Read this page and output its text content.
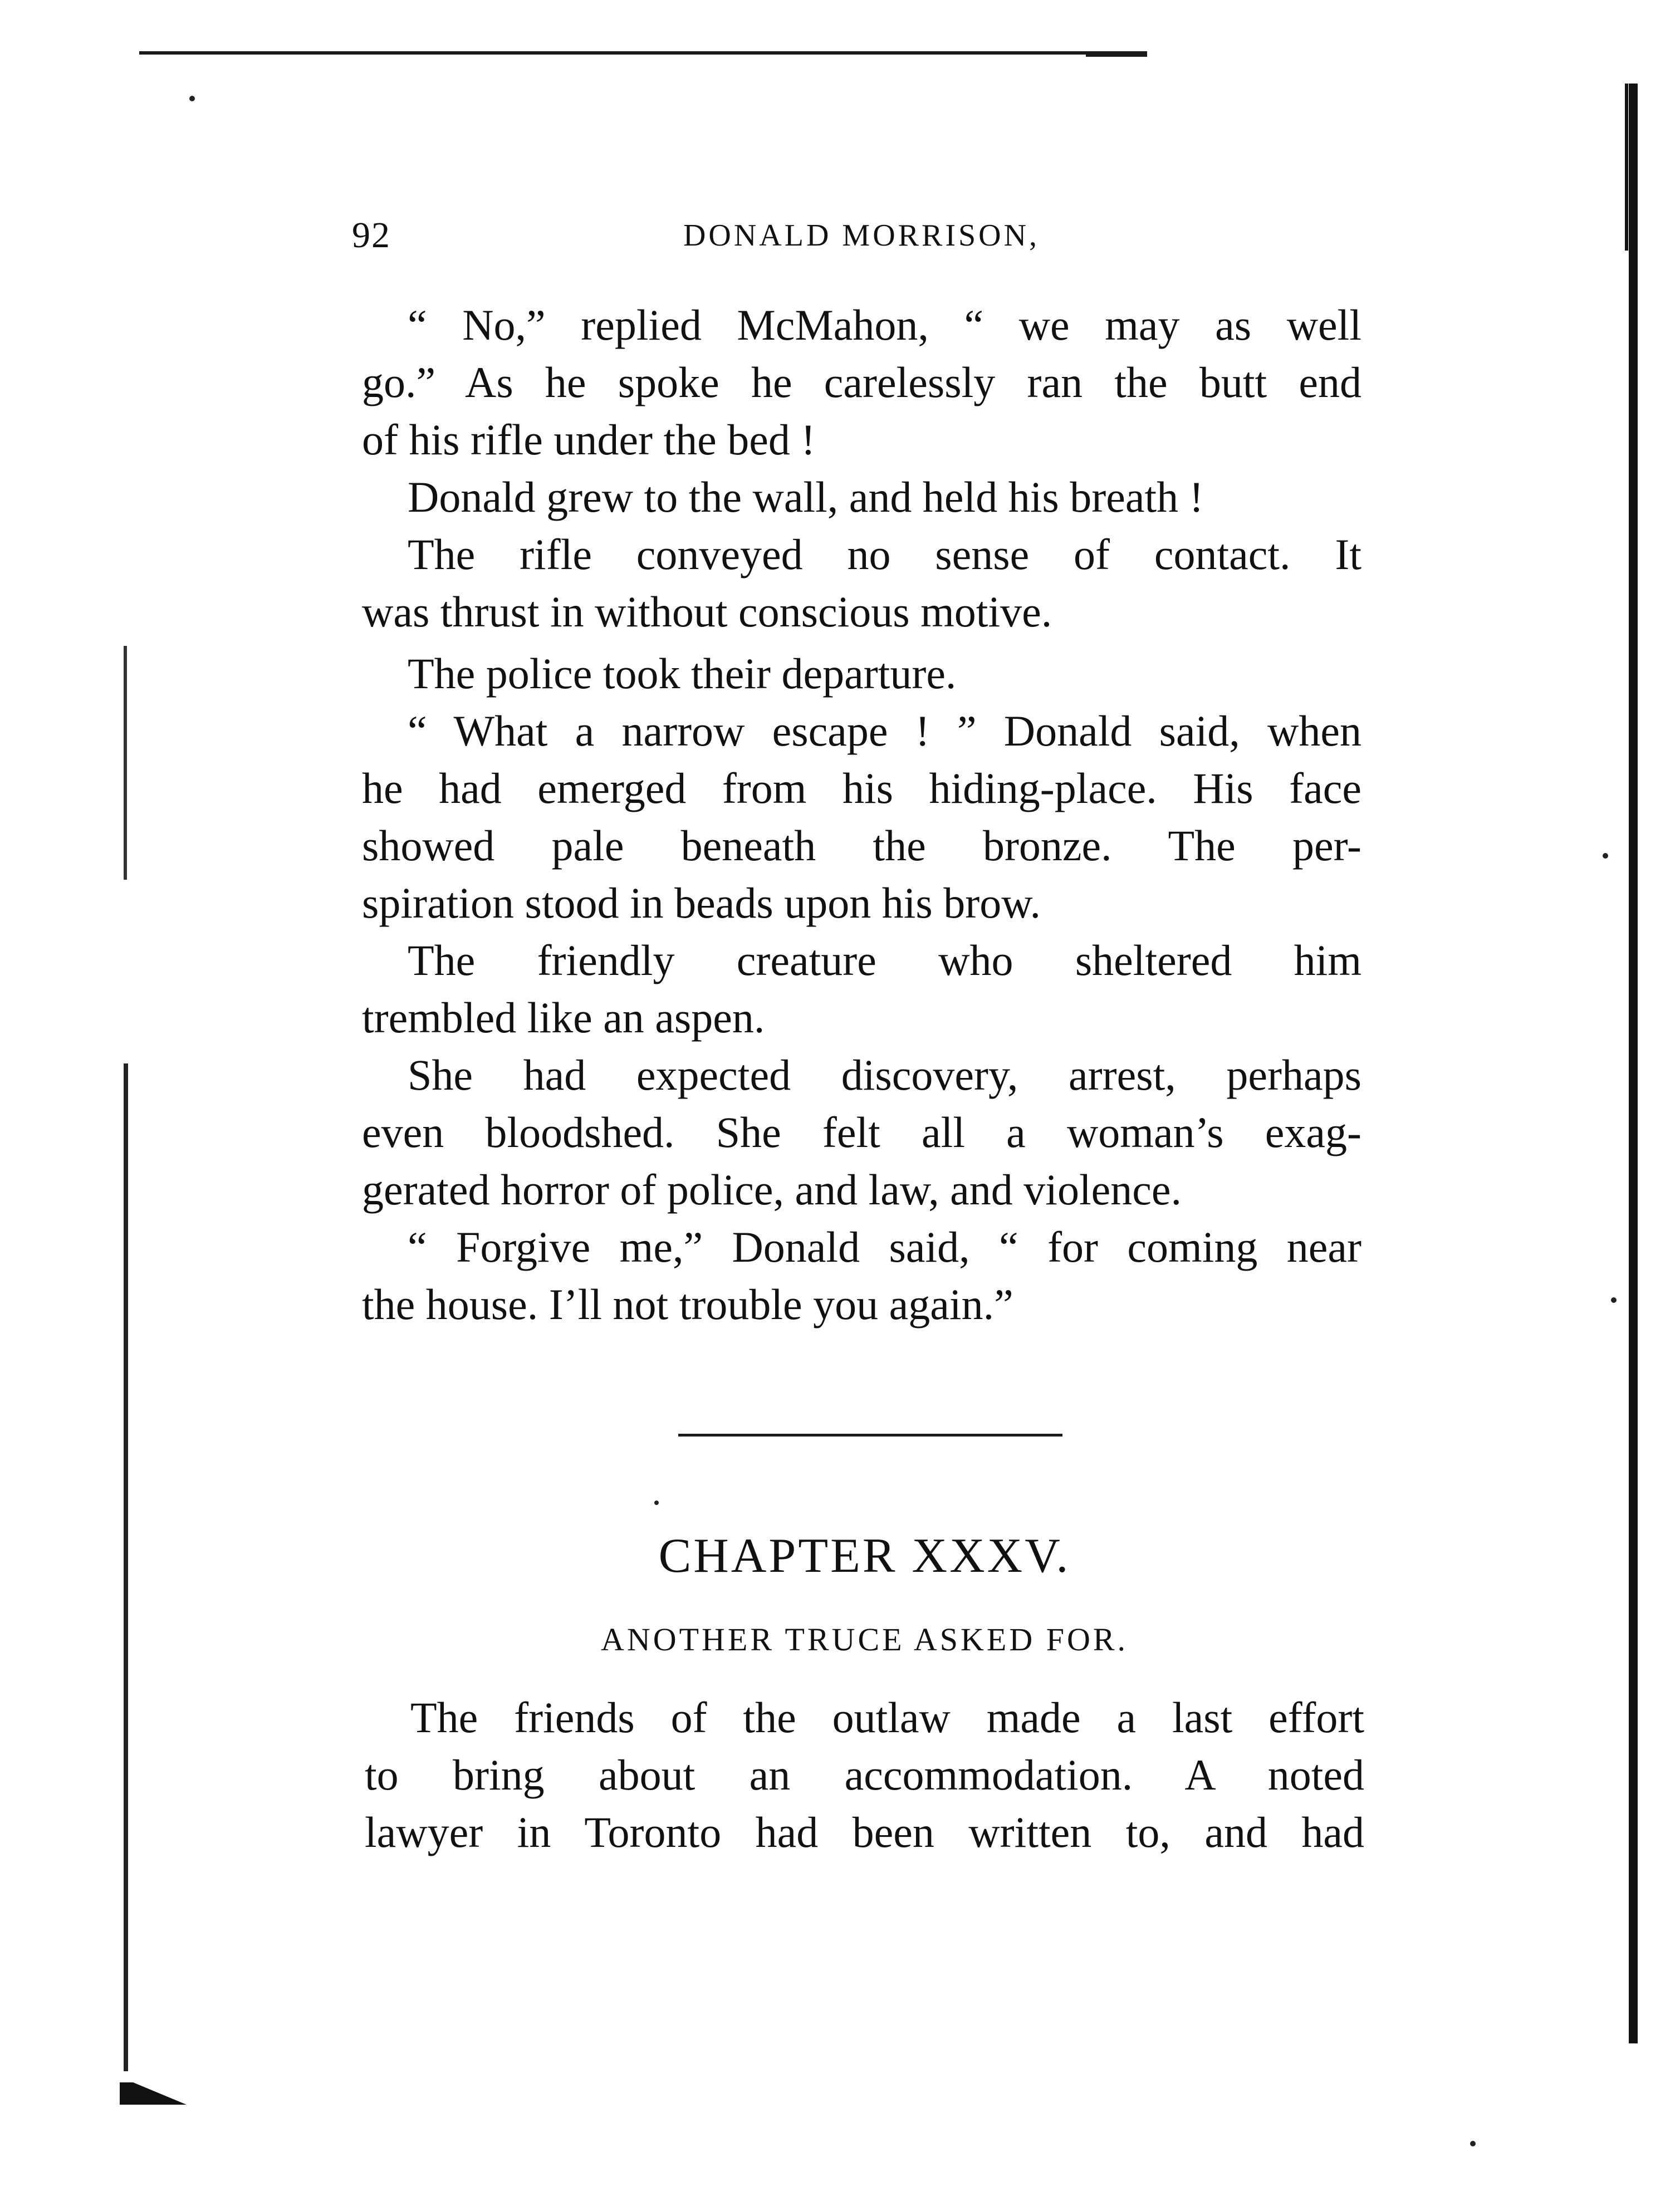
92	DONALD MORRISON,
“ No,” replied McMahon, “ we may as well
go.” As he spoke he carelessly ran the butt end
of his rifle under the bed !
Donald grew to the wall, and held his breath !
The rifle conveyed no sense of contact. It
was thrust in without conscious motive.
The police took their departure.
“ What a narrow escape ! ” Donald said, when
he had emerged from his hiding-place. His face
showed pale beneath the bronze. The per-
spiration stood in beads upon his brow.
The friendly creature who sheltered him
trembled like an aspen.
She had expected discovery, arrest, perhaps
even bloodshed. She felt all a woman’s exag-
gerated horror of police, and law, and violence.
“ Forgive me,” Donald said, “ for coming near
the house. I’ll not trouble you again.”
CHAPTER XXXV.
ANOTHER TRUCE ASKED FOR.
The friends of the outlaw made a last effort
to bring about an accommodation. A noted
lawyer in Toronto had been written to, and had
